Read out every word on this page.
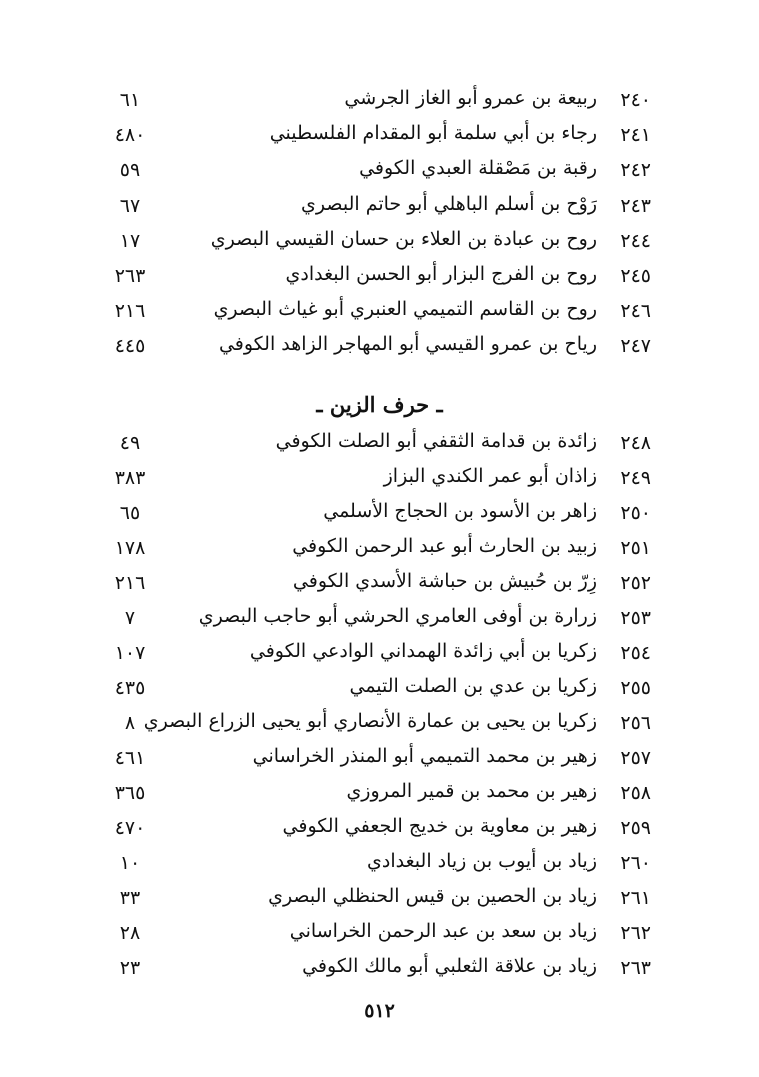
٢٤٠
ربيعة بن عمرو أبو الغاز الجرشي
٦١
٢٤١
رجاء بن أبي سلمة أبو المقدام الفلسطيني
٤٨٠
٢٤٢
رقبة بن مَصْقلة العبدي الكوفي
٥٩
٢٤٣
رَوْح بن أسلم الباهلي أبو حاتم البصري
٦٧
٢٤٤
روح بن عبادة بن العلاء بن حسان القيسي البصري
١٧
٢٤٥
روح بن الفرج البزار أبو الحسن البغدادي
٢٦٣
٢٤٦
روح بن القاسم التميمي العنبري أبو غياث البصري
٢١٦
٢٤٧
رياح بن عمرو القيسي أبو المهاجر الزاهد الكوفي
٤٤٥
ـ حرف الزين ـ
٢٤٨
زائدة بن قدامة الثقفي أبو الصلت الكوفي
٤٩
٢٤٩
زاذان أبو عمر الكندي البزاز
٣٨٣
٢٥٠
زاهر بن الأسود بن الحجاج الأسلمي
٦٥
٢٥١
زبيد بن الحارث أبو عبد الرحمن الكوفي
١٧٨
٢٥٢
زِرّ بن حُبيش بن حباشة الأسدي الكوفي
٢١٦
٢٥٣
زرارة بن أوفى العامري الحرشي أبو حاجب البصري
٧
٢٥٤
زكريا بن أبي زائدة الهمداني الوادعي الكوفي
١٠٧
٢٥٥
زكريا بن عدي بن الصلت التيمي
٤٣٥
٢٥٦
زكريا بن يحيى بن عمارة الأنصاري أبو يحيى الزراع البصري
٨
٢٥٧
زهير بن محمد التميمي أبو المنذر الخراساني
٤٦١
٢٥٨
زهير بن محمد بن قمير المروزي
٣٦٥
٢٥٩
زهير بن معاوية بن خديج الجعفي الكوفي
٤٧٠
٢٦٠
زياد بن أيوب بن زياد البغدادي
١٠
٢٦١
زياد بن الحصين بن قيس الحنظلي البصري
٣٣
٢٦٢
زياد بن سعد بن عبد الرحمن الخراساني
٢٨
٢٦٣
زياد بن علاقة الثعلبي أبو مالك الكوفي
٢٣
٥١٢
